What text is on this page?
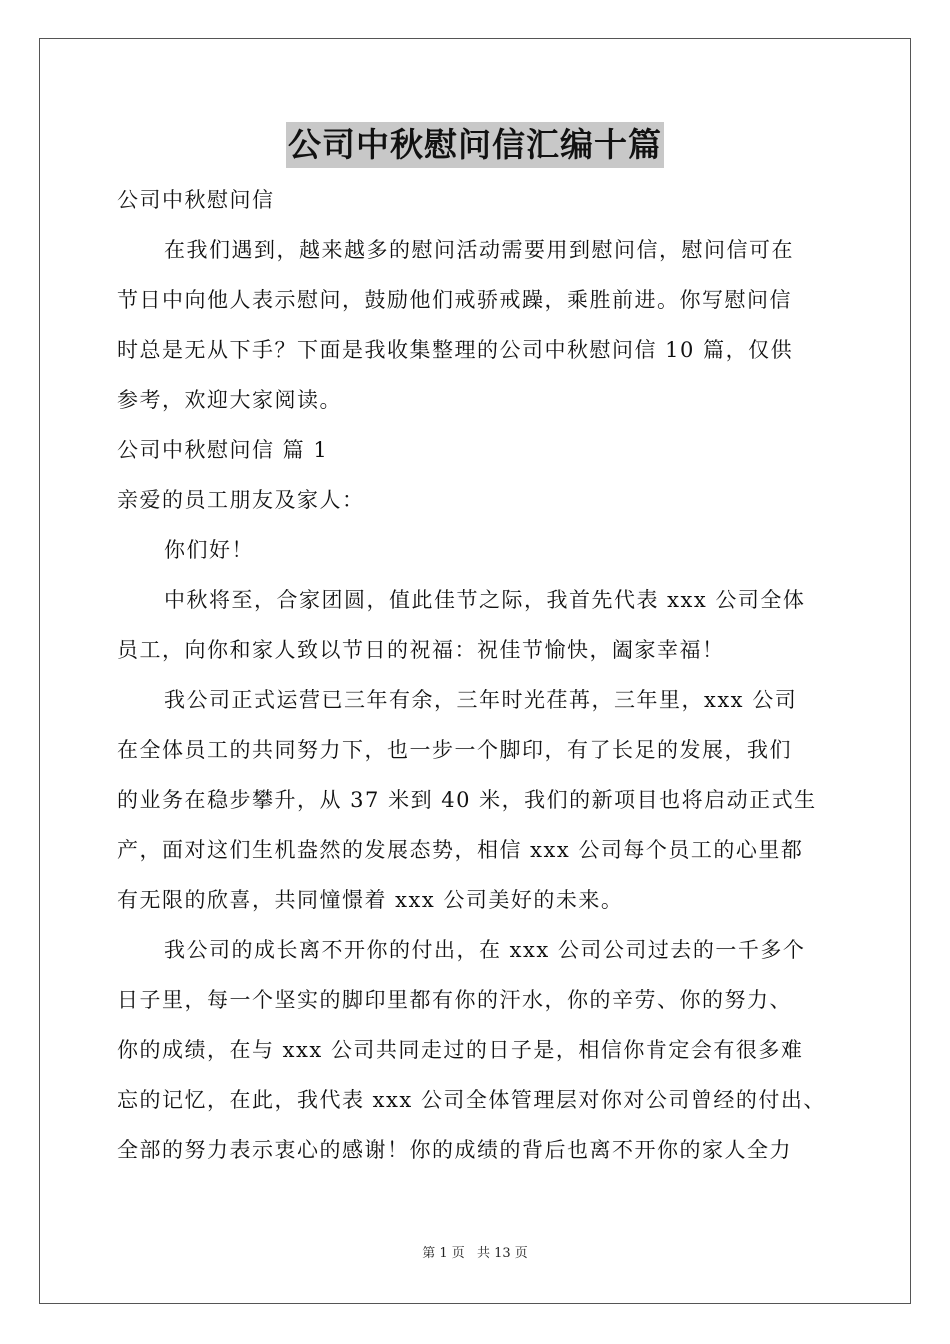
公司中秋慰问信汇编十篇
公司中秋慰问信
在我们遇到，越来越多的慰问活动需要用到慰问信，慰问信可在
节日中向他人表示慰问，鼓励他们戒骄戒躁，乘胜前进。你写慰问信
时总是无从下手？下面是我收集整理的公司中秋慰问信 10 篇，仅供
参考，欢迎大家阅读。
公司中秋慰问信 篇 1
亲爱的员工朋友及家人：
你们好！
中秋将至，合家团圆，值此佳节之际，我首先代表 xxx 公司全体
员工，向你和家人致以节日的祝福：祝佳节愉快，阖家幸福！
我公司正式运营已三年有余，三年时光荏苒，三年里，xxx 公司
在全体员工的共同努力下，也一步一个脚印，有了长足的发展，我们
的业务在稳步攀升，从 37 米到 40 米，我们的新项目也将启动正式生
产，面对这们生机盎然的发展态势，相信 xxx 公司每个员工的心里都
有无限的欣喜，共同憧憬着 xxx 公司美好的未来。
我公司的成长离不开你的付出，在 xxx 公司公司过去的一千多个
日子里，每一个坚实的脚印里都有你的汗水，你的辛劳、你的努力、
你的成绩，在与 xxx 公司共同走过的日子是，相信你肯定会有很多难
忘的记忆，在此，我代表 xxx 公司全体管理层对你对公司曾经的付出、
全部的努力表示衷心的感谢！你的成绩的背后也离不开你的家人全力
第 1 页 共 13 页
